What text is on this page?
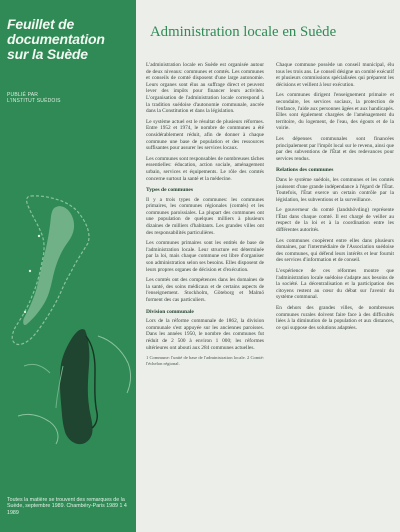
Feuillet de
documentation
sur la Suède
PUBLIÉ PAR
L'INSTITUT SUÉDOIS
Toutes la matière se trouvent des remarques de la Suède, septembre 1989. Chambéry-Paris 1989 1 4 1989
Administration locale en Suède

L'administration locale en Suède est organisée autour de deux niveaux: communes et comtés. Les communes et conseils de comté disposent d'une large autonomie. Leurs organes sont élus au suffrage direct et peuvent lever des impôts pour financer leurs activités. L'organisation de l'administration locale correspond à la tradition suédoise d'autonomie communale, ancrée dans la Constitution et dans la législation.

Le système actuel est le résultat de plusieurs réformes. Entre 1952 et 1974, le nombre de communes a été considérablement réduit, afin de donner à chaque commune une base de population et des ressources suffisantes pour assurer les services locaux.

Les communes sont responsables de nombreuses tâches essentielles: éducation, action sociale, aménagement urbain, services et équipements. Le rôle des comtés concerne surtout la santé et la médecine.

Types de communes

Il y a trois types de communes: les communes primaires, les communes régionales (comtés) et les communes paroissiales. La plupart des communes ont une population de quelques milliers à plusieurs dizaines de milliers d'habitants. Les grandes villes ont des responsabilités particulières.

Les communes primaires sont les entités de base de l'administration locale. Leur structure est déterminée par la loi, mais chaque commune est libre d'organiser son administration selon ses besoins. Elles disposent de leurs propres organes de décision et d'exécution.

Les comtés ont des compétences dans les domaines de la santé, des soins médicaux et de certains aspects de l'enseignement. Stockholm, Göteborg et Malmö forment des cas particuliers.

Division communale

Lors de la réforme communale de 1862, la division communale s'est appuyée sur les anciennes paroisses. Dans les années 1950, le nombre des communes fut réduit de 2 500 à environ 1 000; les réformes ultérieures ont abouti aux 284 communes actuelles.

1 Commune: l'unité de base de l'administration locale. 2 Comté: l'échelon régional.

Chaque commune possède un conseil municipal, élu tous les trois ans. Le conseil désigne un comité exécutif et plusieurs commissions spécialisées qui préparent les décisions et veillent à leur exécution.

Les communes dirigent l'enseignement primaire et secondaire, les services sociaux, la protection de l'enfance, l'aide aux personnes âgées et aux handicapés. Elles sont également chargées de l'aménagement du territoire, du logement, de l'eau, des égouts et de la voirie.

Les dépenses communales sont financées principalement par l'impôt local sur le revenu, ainsi que par des subventions de l'État et des redevances pour services rendus.

Relations des communes

Dans le système suédois, les communes et les comtés jouissent d'une grande indépendance à l'égard de l'État. Toutefois, l'État exerce un certain contrôle par la législation, les subventions et la surveillance.

Le gouverneur du comté (landshövding) représente l'État dans chaque comté. Il est chargé de veiller au respect de la loi et à la coordination entre les différentes autorités.

Les communes coopèrent entre elles dans plusieurs domaines, par l'intermédiaire de l'Association suédoise des communes, qui défend leurs intérêts et leur fournit des services d'information et de conseil.

L'expérience de ces réformes montre que l'administration locale suédoise s'adapte aux besoins de la société. La décentralisation et la participation des citoyens restent au cœur du débat sur l'avenir du système communal.

En dehors des grandes villes, de nombreuses communes rurales doivent faire face à des difficultés liées à la diminution de la population et aux distances, ce qui suppose des solutions adaptées.
